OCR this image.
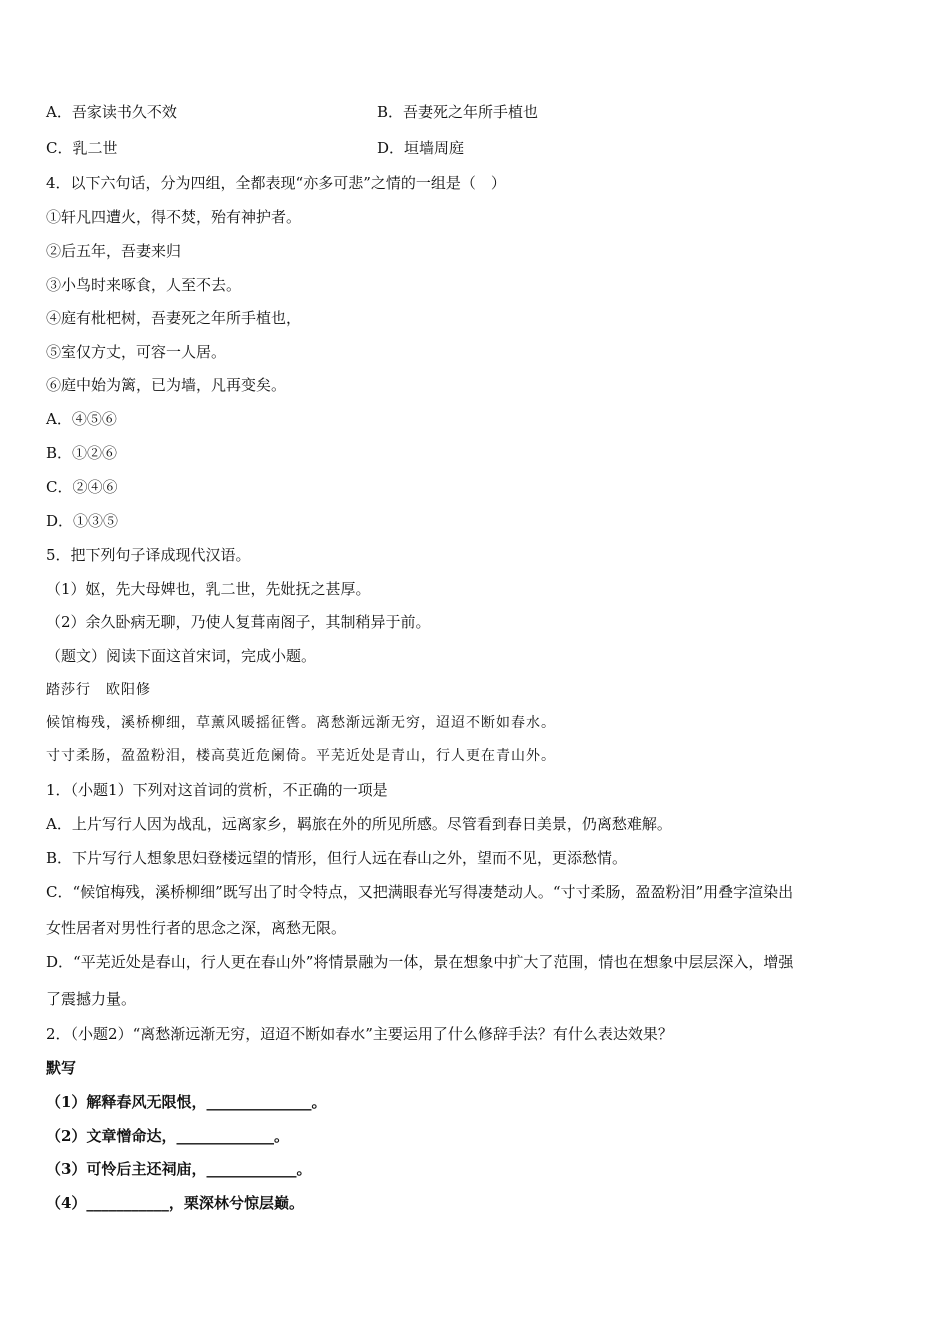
A．吾家读书久不效	B．吾妻死之年所手植也
C．乳二世	D．垣墙周庭
4．以下六句话，分为四组，全都表现“亦多可悲”之情的一组是（　）
①轩凡四遭火，得不焚，殆有神护者。
②后五年，吾妻来归
③小鸟时来啄食，人至不去。
④庭有枇杷树，吾妻死之年所手植也，
⑤室仅方丈，可容一人居。
⑥庭中始为篱，已为墙，凡再变矣。
A．④⑤⑥
B．①②⑥
C．②④⑥
D．①③⑤
5．把下列句子译成现代汉语。
（1）妪，先大母婢也，乳二世，先妣抚之甚厚。
（2）余久卧病无聊，乃使人复葺南阁子，其制稍异于前。
（题文）阅读下面这首宋词，完成小题。
踏莎行　欧阳修
候馆梅残，溪桥柳细，草薰风暖摇征辔。离愁渐远渐无穷，迢迢不断如春水。
寸寸柔肠，盈盈粉泪，楼高莫近危阑倚。平芜近处是青山，行人更在青山外。
1．（小题1）下列对这首词的赏析，不正确的一项是
A．上片写行人因为战乱，远离家乡，羁旅在外的所见所感。尽管看到春日美景，仍离愁难解。
B．下片写行人想象思妇登楼远望的情形，但行人远在春山之外，望而不见，更添愁情。
C．“候馆梅残，溪桥柳细”既写出了时令特点，又把满眼春光写得凄楚动人。“寸寸柔肠，盈盈粉泪”用叠字渲染出
女性居者对男性行者的思念之深，离愁无限。
D．“平芜近处是春山，行人更在春山外”将情景融为一体，景在想象中扩大了范围，情也在想象中层层深入，增强
了震撼力量。
2．（小题2）“离愁渐远渐无穷，迢迢不断如春水”主要运用了什么修辞手法？有什么表达效果？
默写
（1）解释春风无限恨，______________。
（2）文章憎命达，_____________。
（3）可怜后主还祠庙，____________。
（4）___________，栗深林兮惊层巅。
